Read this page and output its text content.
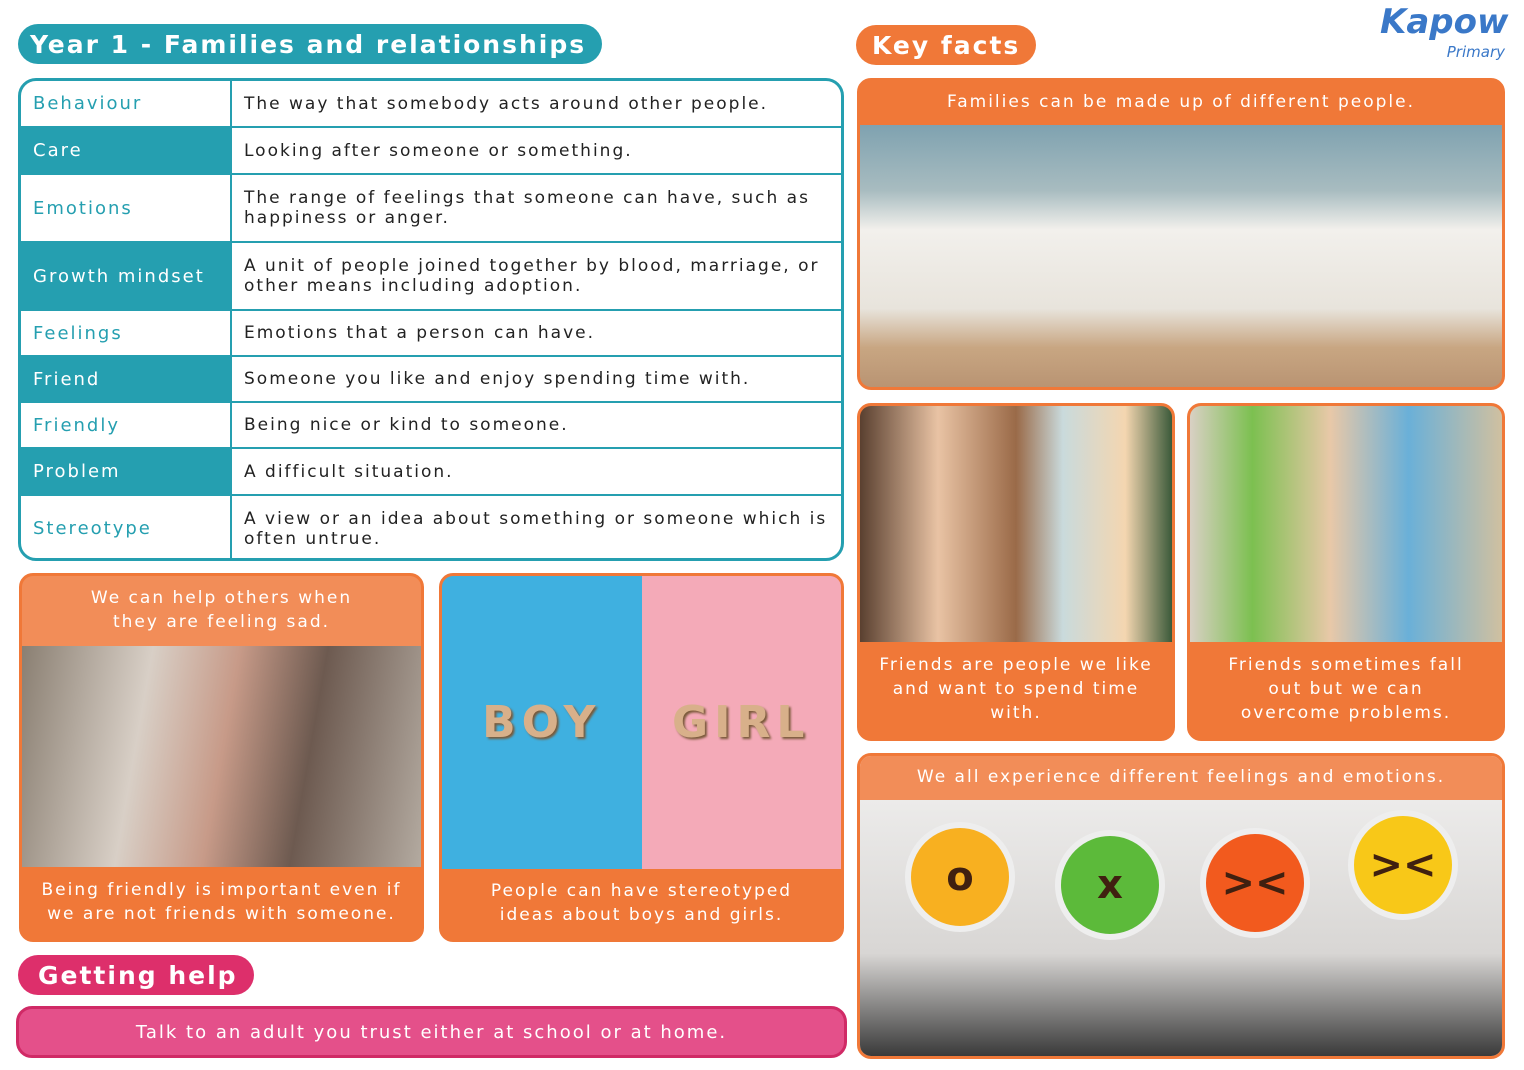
Year 1 - Families and relationships
Kapow
Primary
Behaviour	The way that somebody acts around other people.
Care	Looking after someone or something.
Emotions	The range of feelings that someone can have, such as happiness or anger.
Growth mindset	A unit of people joined together by blood, marriage, or other means including adoption.
Feelings	Emotions that a person can have.
Friend	Someone you like and enjoy spending time with.
Friendly	Being nice or kind to someone.
Problem	A difficult situation.
Stereotype	A view or an idea about something or someone which is often untrue.
We can help others when they are feeling sad.
Being friendly is important even if we are not friends with someone.
BOY	GIRL
People can have stereotyped ideas about boys and girls.
Getting help
Talk to an adult you trust either at school or at home.
Key facts
Families can be made up of different people.
Friends are people we like and want to spend time with.
Friends sometimes fall out but we can overcome problems.
We all experience different feelings and emotions.
o	x	><	><
